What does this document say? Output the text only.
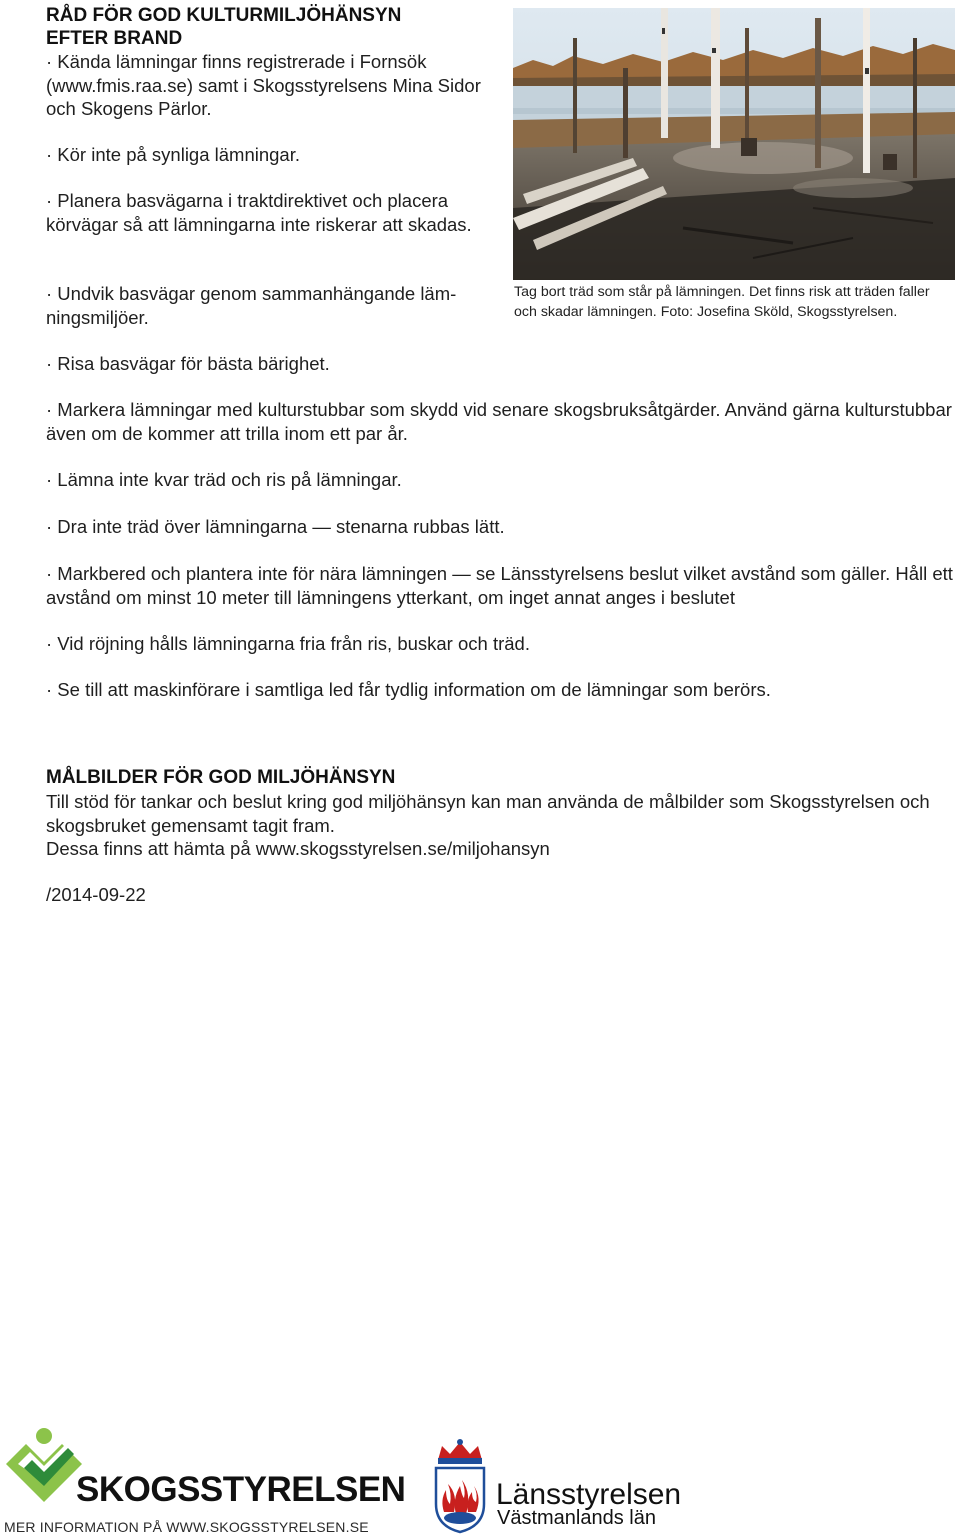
RÅD FÖR GOD KULTURMILJÖHÄNSYN
EFTER BRAND
· Kända lämningar finns registrerade i Fornsök (www.fmis.raa.se) samt i Skogsstyrelsens Mina Sidor och Skogens Pärlor.
· Kör inte på synliga lämningar.
· Planera basvägarna i traktdirektivet och placera körvägar så att lämningarna inte riskerar att skadas.
· Undvik basvägar genom sammanhängande lämningsmiljöer.
· Risa basvägar för bästa bärighet.
Tag bort träd som står på lämningen. Det finns risk att träden faller och skadar lämningen. Foto: Josefina Sköld, Skogsstyrelsen.
· Markera lämningar med kulturstubbar som skydd vid senare skogsbruksåtgärder. Använd gärna kulturstubbar även om de kommer att trilla inom ett par år.
· Lämna inte kvar träd och ris på lämningar.
· Dra inte träd över lämningarna — stenarna rubbas lätt.
· Markbered och plantera inte för nära lämningen — se Länsstyrelsens beslut vilket avstånd som gäller. Håll ett avstånd om minst 10 meter till lämningens ytterkant, om inget annat anges i beslutet
· Vid röjning hålls lämningarna fria från ris, buskar och träd.
· Se till att maskinförare i samtliga led får tydlig information om de lämningar som berörs.
MÅLBILDER FÖR GOD MILJÖHÄNSYN
Till stöd för tankar och beslut kring god miljöhänsyn kan man använda de målbilder som Skogsstyrelsen och skogsbruket gemensamt tagit fram.
Dessa finns att hämta på www.skogsstyrelsen.se/miljohansyn
/2014-09-22
SKOGSSTYRELSEN
MER INFORMATION PÅ WWW.SKOGSSTYRELSEN.SE
Länsstyrelsen
Västmanlands län
